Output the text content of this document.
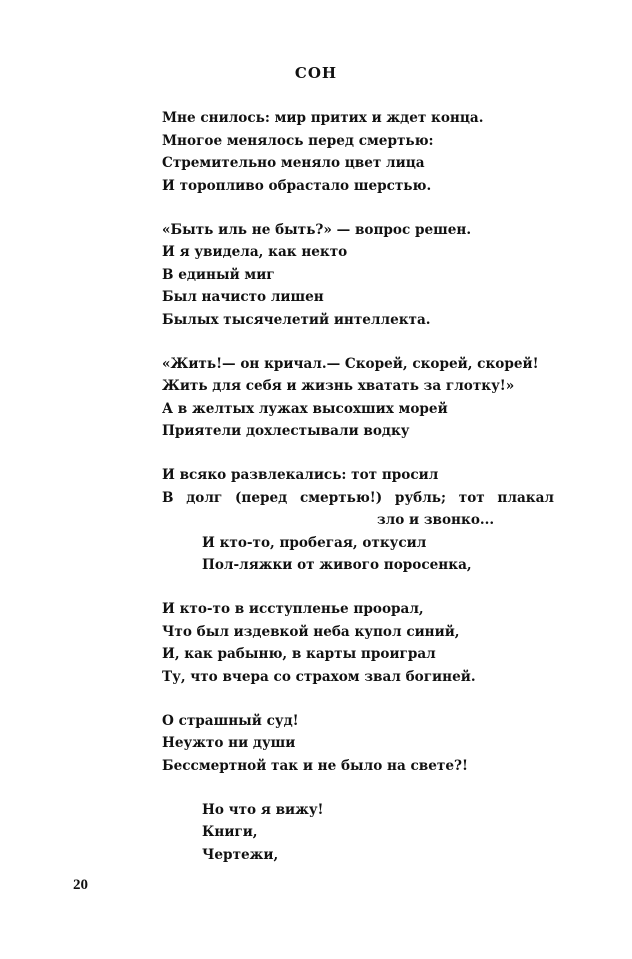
СОН
Мне снилось: мир притих и ждет конца.
Многое менялось перед смертью:
Стремительно меняло цвет лица
И торопливо обрастало шерстью.
«Быть иль не быть?» — вопрос решен.
И я увидела, как некто
В единый миг
Был начисто лишен
Былых тысячелетий интеллекта.
«Жить!— он кричал.— Скорей, скорей, скорей!
Жить для себя и жизнь хватать за глотку!»
А в желтых лужах высохших морей
Приятели дохлестывали водку
И всяко развлекались: тот просил
В долг (перед смертью!) рубль; тот плакал
зло и звонко...
И кто-то, пробегая, откусил
Пол-ляжки от живого поросенка,
И кто-то в исступленье проорал,
Что был издевкой неба купол синий,
И, как рабыню, в карты проиграл
Ту, что вчера со страхом звал богиней.
О страшный суд!
Неужто ни души
Бессмертной так и не было на свете?!
Но что я вижу!
Книги,
Чертежи,
20
